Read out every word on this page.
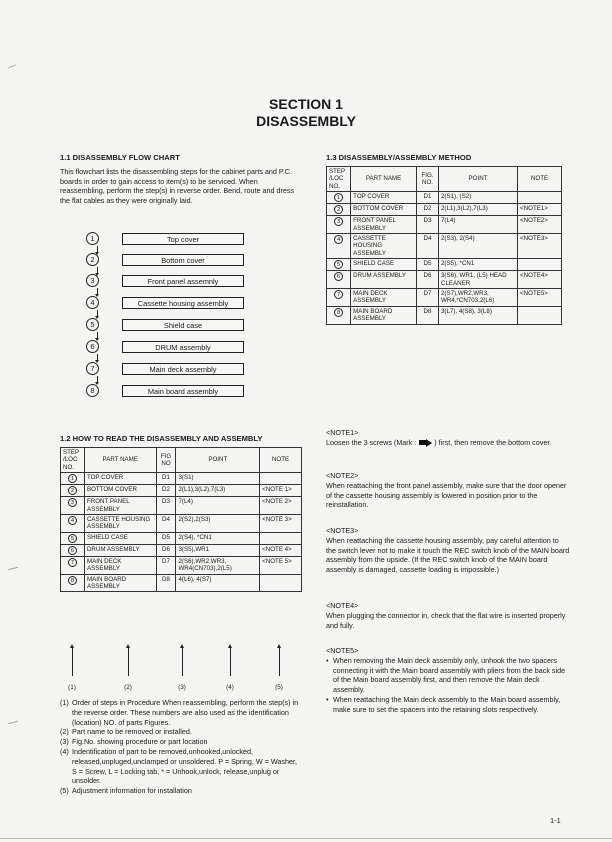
SECTION 1
DISASSEMBLY
1.1 DISASSEMBLY FLOW CHART
This flowchart lists the disassembling steps for the cabinet parts and P.C. boards in order to gain access to item(s) to be serviced. When reassembling, perform the step(s) in reverse order. Bend, route and dress the flat cables as they were originally laid.
1	Top cover
2	Bottom cover
3	Front panel assemnly
4	Cassette housing assembly
5	Shield case
6	DRUM assembly
7	Main deck assembly
8	Main board assembly
1.2 HOW TO READ THE DISASSEMBLY AND ASSEMBLY
STEP /LOC NO.	PART NAME	FIG NO	POINT	NOTE
1	TOP COVER	D1	3(S1)	
2	BOTTOM COVER	D2	2(L1),3(L2),7(L3)	<NOTE 1>
3	FRONT PANEL ASSEMBLY	D3	7(L4)	<NOTE 2>
4	CASSETTE HOUSING ASSEMBLY	D4	2(S2),2(S3)	<NOTE 3>
5	SHIELD CASE	D5	2(S4), *CN1	
6	DRUM ASSEMBLY	D6	3(S5),WR1	<NOTE 4>
7	MAIN DECK ASSEMBLY	D7	2(S6),WR2,WR3, WR4(CN703),2(L5)	<NOTE 5>
8	MAIN BOARD ASSEMBLY	D8	4(L6), 4(S7)	
(1)	(2)	(3)	(4)	(5)
(1) Order of steps in Procedure When reassembling, perform the step(s) in the reverse order. These numbers are also used as the identification (location) NO. of parts Figures.
(2) Part name to be removed or installed.
(3) Fig.No. showing procedure or part location
(4) Indentification of part to be removed,unhooked,unlocked, released,unpluged,unclamped or unsoldered. P = Spring, W = Washer, S = Screw, L = Locking tab, * = Unhook,unlock, release,unplug or unsolder.
(5) Adjustment information for installation
1.3 DISASSEMBLY/ASSEMBLY METHOD
STEP /LOC NO.	PART NAME	FIG. NO.	POINT	NOTE
1	TOP COVER	D1	2(S1), (S2)	
2	BOTTOM COVER	D2	2(L1),3(L2),7(L3)	<NOTE1>
3	FRONT PANEL ASSEMBLY	D3	7(L4)	<NOTE2>
4	CASSETTE HOUSING ASSEMBLY	D4	2(S3), 2(S4)	<NOTE3>
5	SHIELD CASE	D5	2(S5), *CN1	
6	DRUM ASSEMBLY	D6	3(S6), WR1, (L5) HEAD CLEANER	<NOTE4>
7	MAIN DECK ASSEMBLY	D7	2(S7),WR2,WR3, WR4,*CN703,2(L6)	<NOTE5>
8	MAIN BOARD ASSEMBLY	D8	3(L7), 4(S8), 3(L8)	
<NOTE1>
Loosen the 3 screws (Mark :
) first, then remove the bottom cover.
<NOTE2>
When reattaching the front panel assembly, make sure that the door opener of the cassette housing assembly is lowered in position prior to the reinstallation.
<NOTE3>
When reattaching the cassette housing assembly, pay careful attention to the switch lever not to make it touch the REC switch knob of the MAIN board assembly from the upside. (If the REC switch knob of the MAIN board assembly is damaged, cassette loading is impossible.)
<NOTE4>
When plugging the connector in, check that the flat wire is inserted properly and fully.
<NOTE5>
• When removing the Main deck assembly only, unhook the two spacers connecting it with the Main board assembly with pliers from the back side of the Main board assembly first, and then remove the Main deck assembly.
• When reattaching the Main deck assembly to the Main board assembly, make sure to set the spacers into the retaining slots respectively.
1-1
